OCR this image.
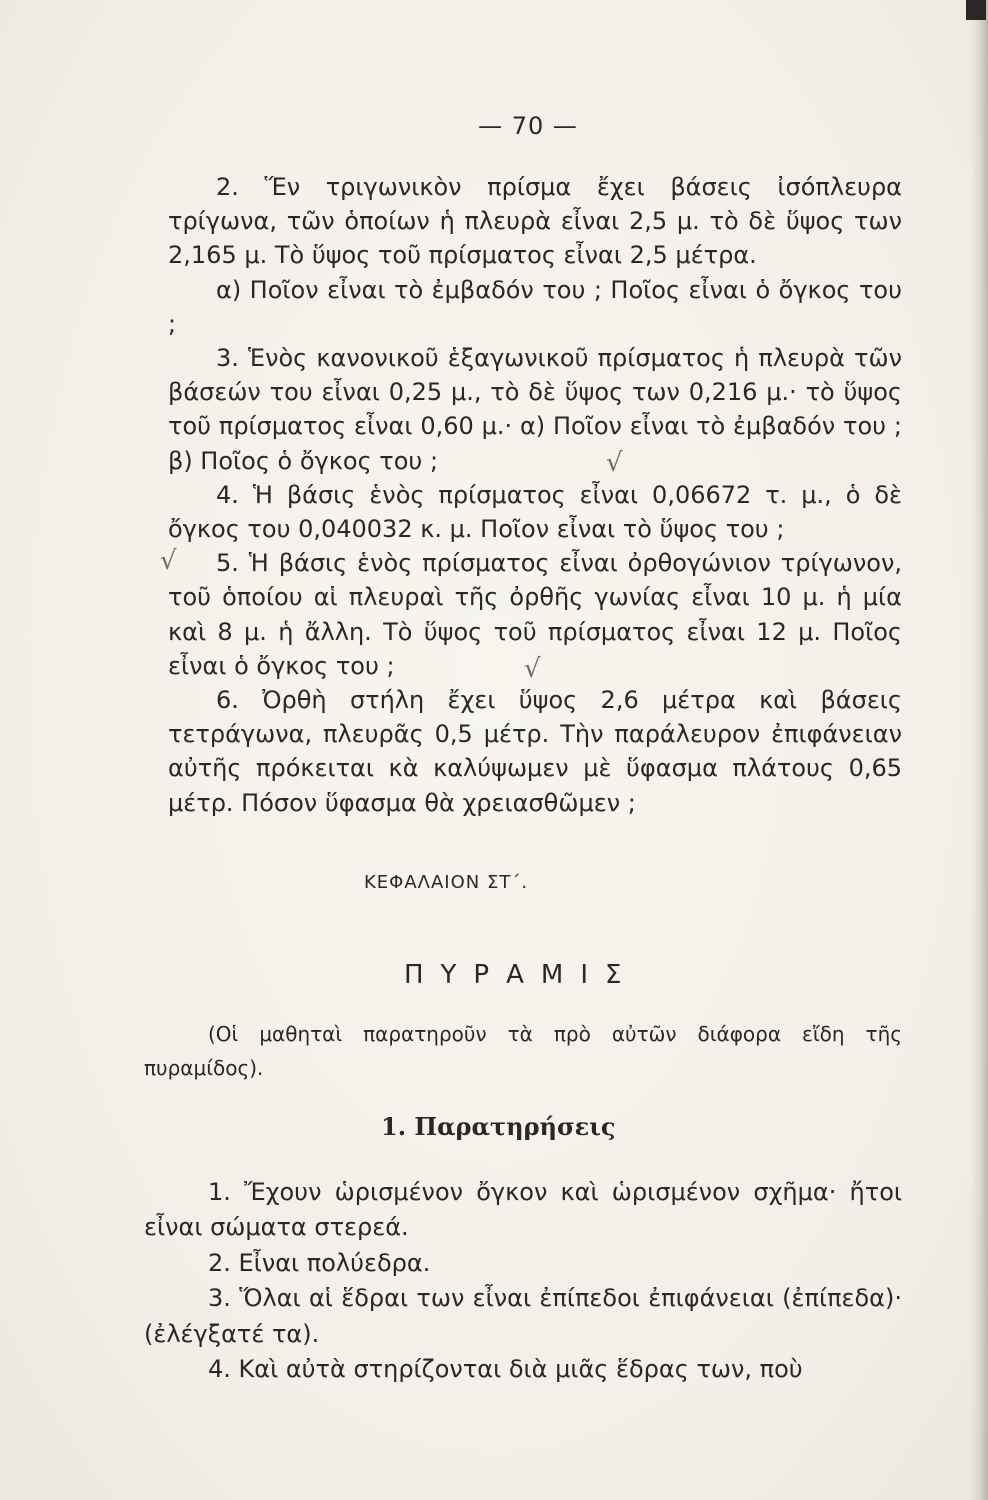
— 70 —

2. Ἕν τριγωνικὸν πρίσμα ἔχει βάσεις ἰσόπλευρα τρίγωνα, τῶν ὁποίων ἡ πλευρὰ εἶναι 2,5 μ. τὸ δὲ ὕψος των 2,165 μ. Τὸ ὕψος τοῦ πρίσματος εἶναι 2,5 μέτρα.

α) Ποῖον εἶναι τὸ ἐμβαδόν του ; Ποῖος εἶναι ὁ ὄγκος του ;

3. Ἑνὸς κανονικοῦ ἑξαγωνικοῦ πρίσματος ἡ πλευρὰ τῶν βάσεών του εἶναι 0,25 μ., τὸ δὲ ὕψος των 0,216 μ.· τὸ ὕψος τοῦ πρίσματος εἶναι 0,60 μ.· α) Ποῖον εἶναι τὸ ἐμβαδόν του ; β) Ποῖος ὁ ὄγκος του ;

4. Ἡ βάσις ἑνὸς πρίσματος εἶναι 0,06672 τ. μ., ὁ δὲ ὄγκος του 0,040032 κ. μ. Ποῖον εἶναι τὸ ὕψος του ;

5. Ἡ βάσις ἑνὸς πρίσματος εἶναι ὀρθογώνιον τρίγωνον, τοῦ ὁποίου αἱ πλευραὶ τῆς ὀρθῆς γωνίας εἶναι 10 μ. ἡ μία καὶ 8 μ. ἡ ἄλλη. Τὸ ὕψος τοῦ πρίσματος εἶναι 12 μ. Ποῖος εἶναι ὁ ὄγκος του ;

6. Ὀρθὴ στήλη ἔχει ὕψος 2,6 μέτρα καὶ βάσεις τετράγωνα, πλευρᾶς 0,5 μέτρ. Τὴν παράλευρον ἐπιφάνειαν αὐτῆς πρόκειται κὰ καλύψωμεν μὲ ὕφασμα πλάτους 0,65 μέτρ. Πόσον ὕφασμα θὰ χρειασθῶμεν ;

√
√
√
ΚΕΦΑΛΑΙΟΝ ΣΤ΄.
ΠΥΡΑΜΙΣ

(Οἱ μαθηταὶ παρατηροῦν τὰ πρὸ αὐτῶν διάφορα εἴδη τῆς πυραμίδος).

1. Παρατηρήσεις

1. Ἔχουν ὡρισμένον ὄγκον καὶ ὡρισμένον σχῆμα· ἤτοι εἶναι σώματα στερεά.

2. Εἶναι πολύεδρα.

3. Ὅλαι αἱ ἕδραι των εἶναι ἐπίπεδοι ἐπιφάνειαι (ἐπίπεδα)· (ἐλέγξατέ τα).

4. Καὶ αὐτὰ στηρίζονται διὰ μιᾶς ἕδρας των, ποὺ
